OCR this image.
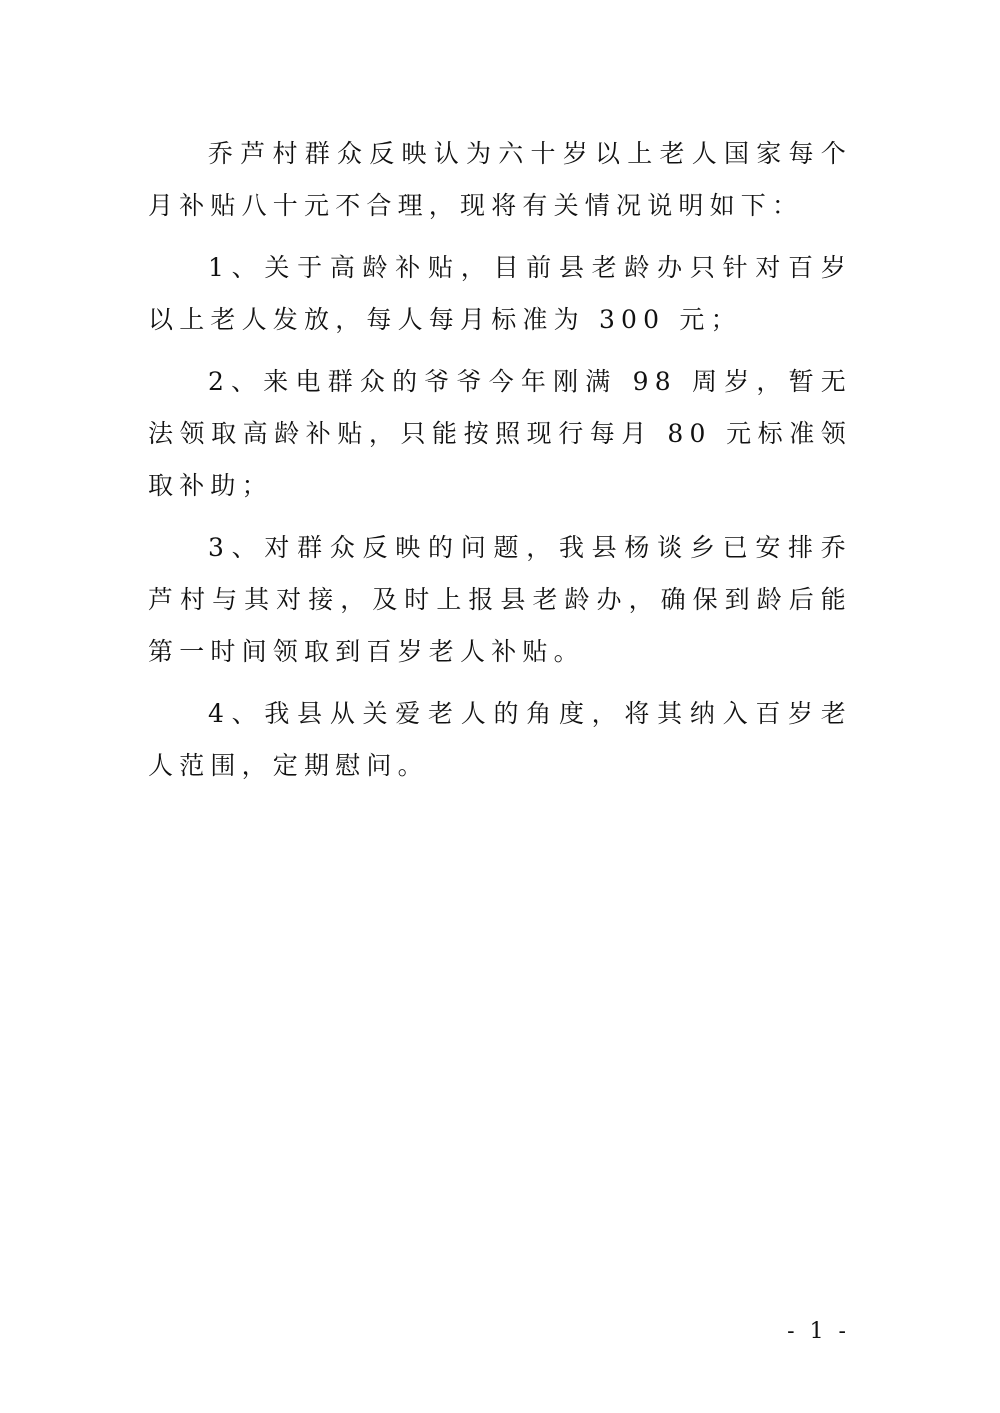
乔芦村群众反映认为六十岁以上老人国家每个月补贴八十元不合理，现将有关情况说明如下：

1、关于高龄补贴，目前县老龄办只针对百岁以上老人发放，每人每月标准为 300 元；

2、来电群众的爷爷今年刚满 98 周岁，暂无法领取高龄补贴，只能按照现行每月 80 元标准领取补助；

3、对群众反映的问题，我县杨谈乡已安排乔芦村与其对接，及时上报县老龄办，确保到龄后能第一时间领取到百岁老人补贴。

4、我县从关爱老人的角度，将其纳入百岁老人范围，定期慰问。

- 1 -
